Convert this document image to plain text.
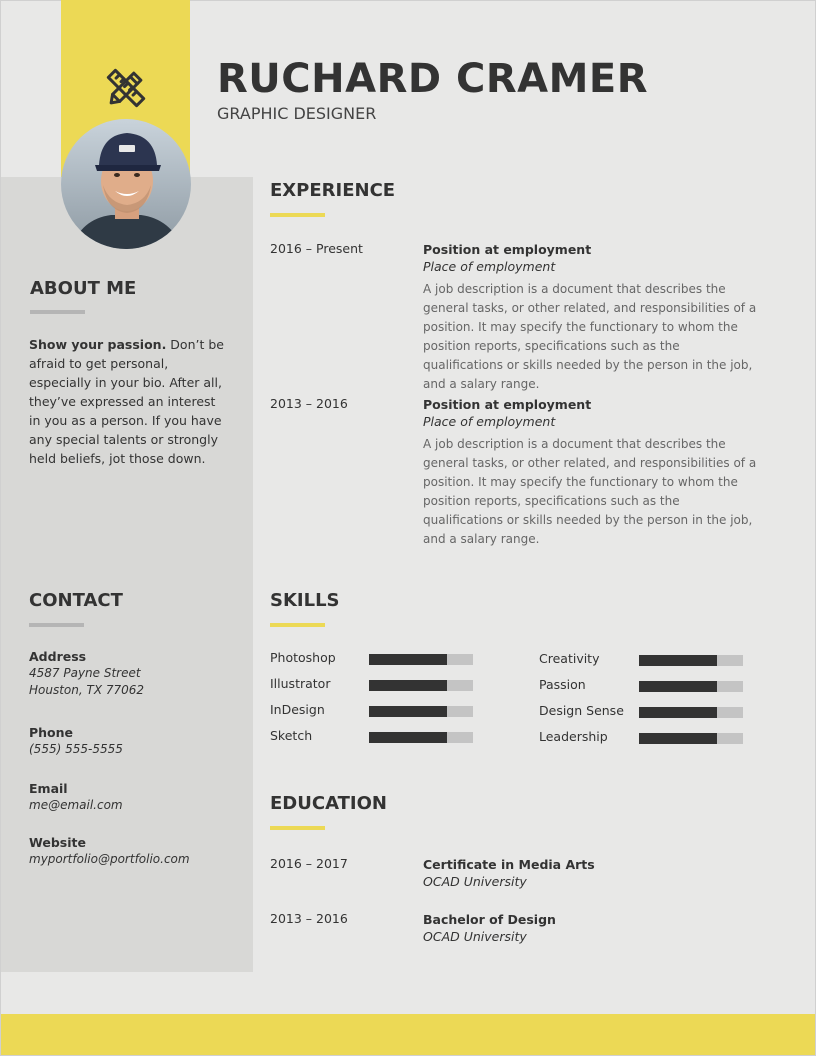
RUCHARD CRAMER
GRAPHIC DESIGNER
ABOUT ME
Show your passion. Don’t be afraid to get personal, especially in your bio. After all, they’ve expressed an interest in you as a person. If you have any special talents or strongly held beliefs, jot those down.
CONTACT
Address
4587 Payne Street
Houston, TX 77062
Phone
(555) 555-5555
Email
me@email.com
Website
myportfolio@portfolio.com
EXPERIENCE
2016 – Present	Position at employment
Place of employment
A job description is a document that describes the general tasks, or other related, and responsibilities of a position. It may specify the functionary to whom the position reports, specifications such as the qualifications or skills needed by the person in the job, and a salary range.
2013 – 2016	Position at employment
Place of employment
A job description is a document that describes the general tasks, or other related, and responsibilities of a position. It may specify the functionary to whom the position reports, specifications such as the qualifications or skills needed by the person in the job, and a salary range.
SKILLS
Photoshop
Illustrator
InDesign
Sketch
Creativity
Passion
Design Sense
Leadership
EDUCATION
2016 – 2017	Certificate in Media Arts
OCAD University
2013 – 2016	Bachelor of Design
OCAD University
